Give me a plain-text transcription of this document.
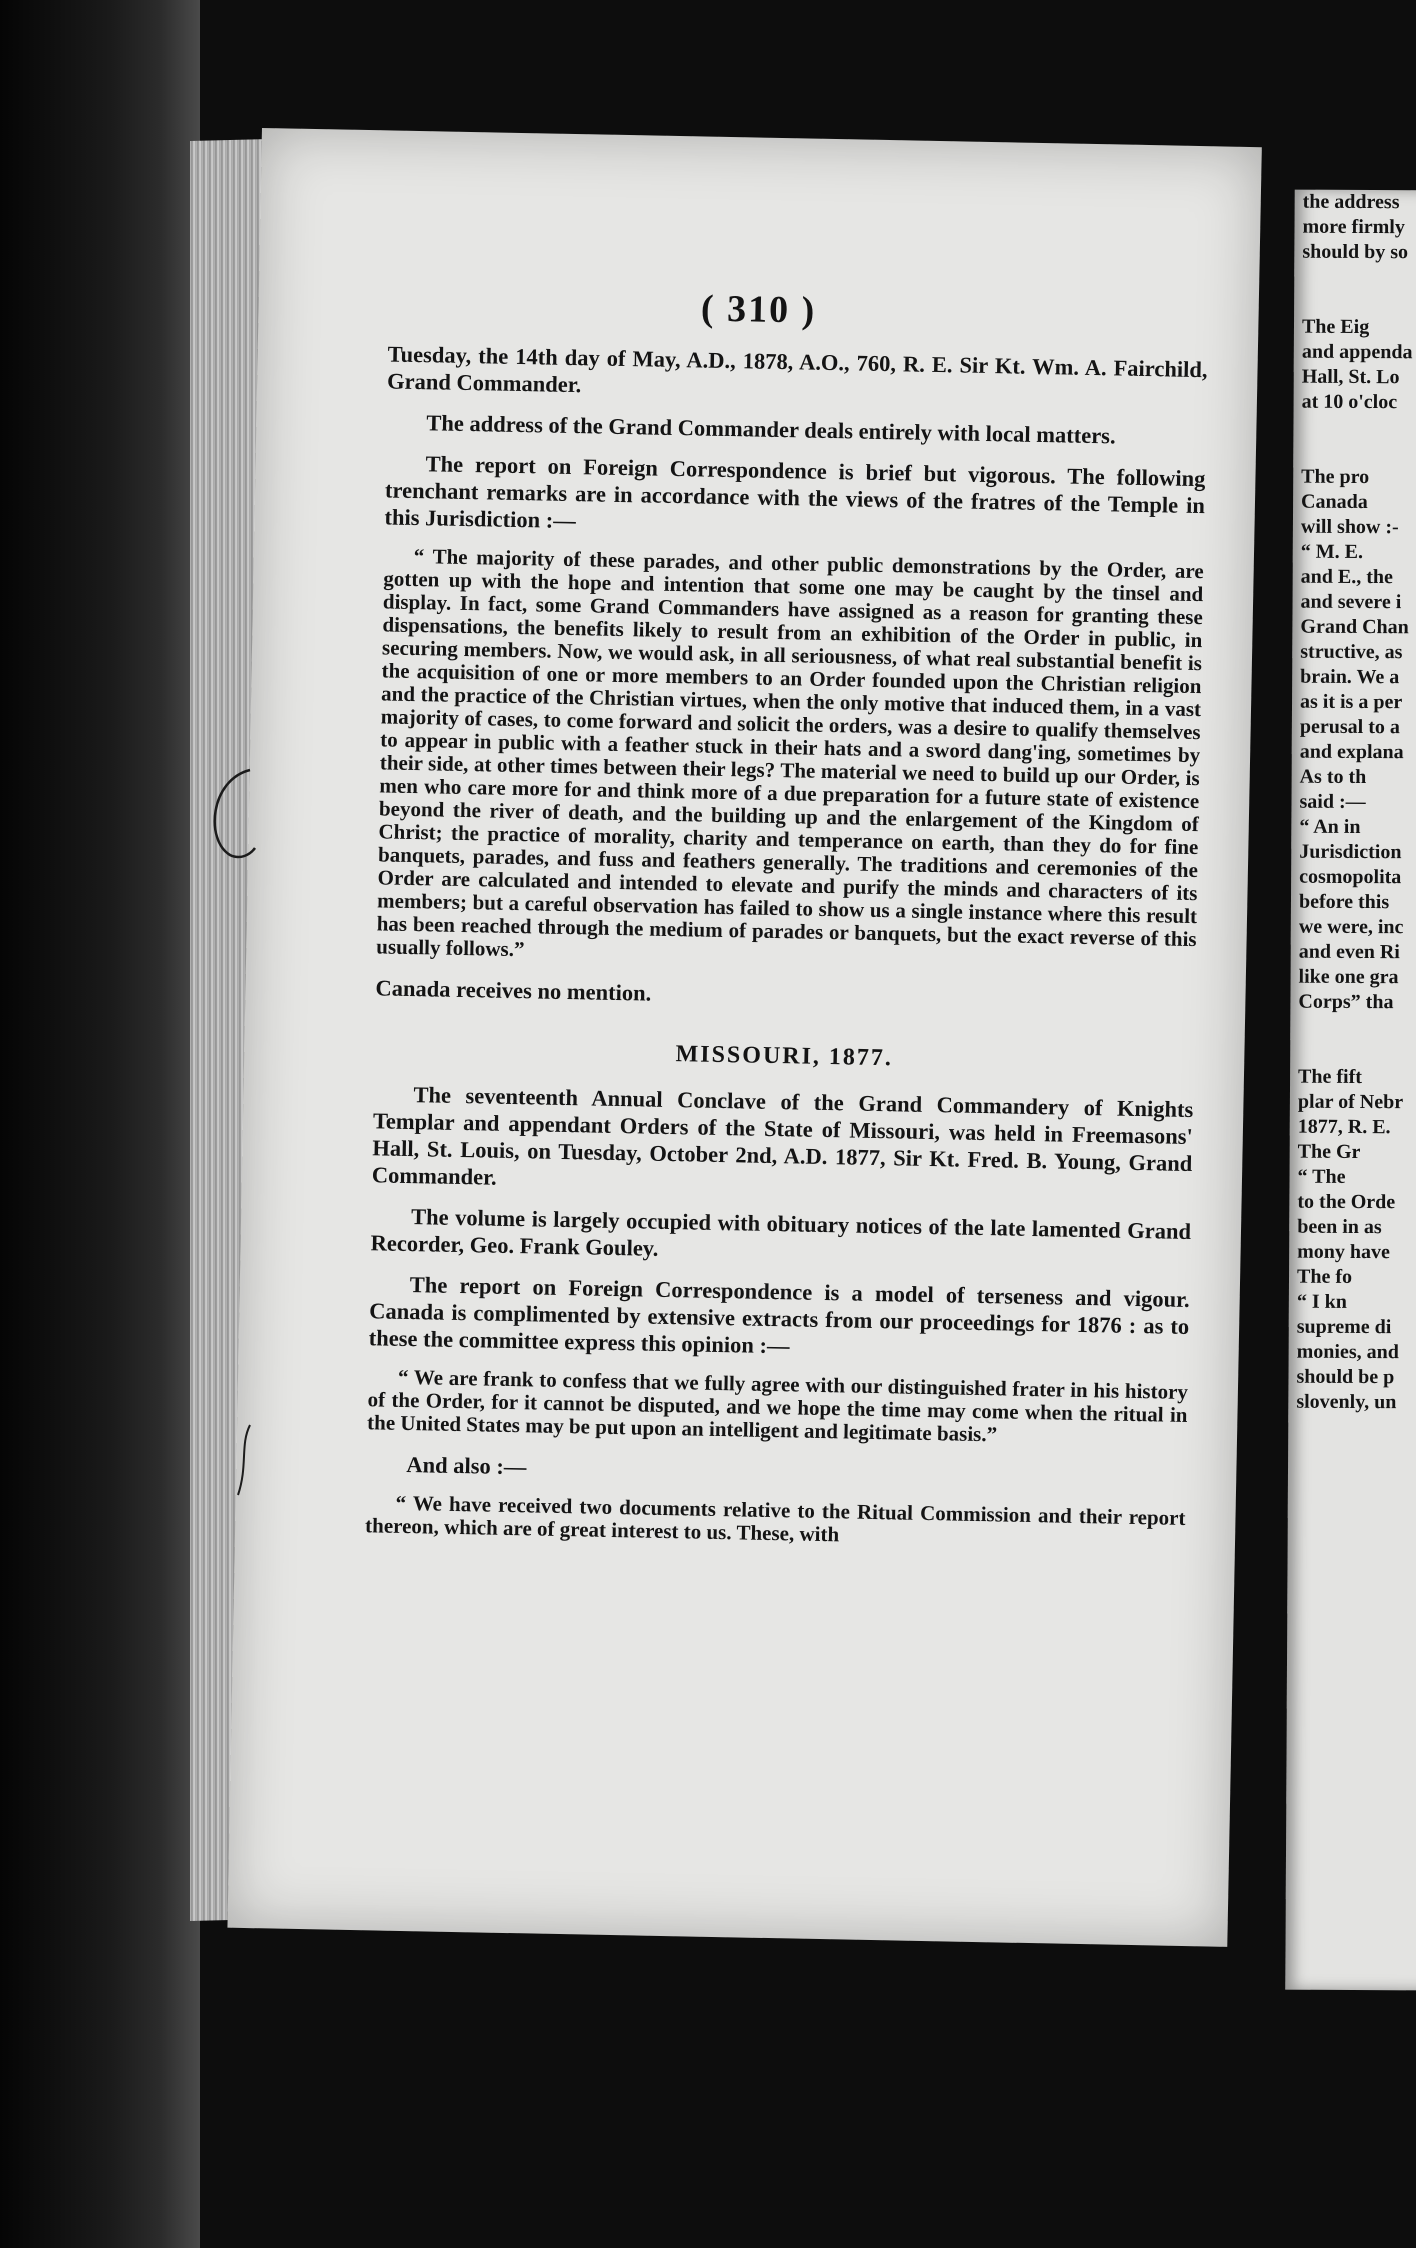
( 310 )

Tuesday, the 14th day of May, A.D., 1878, A.O., 760, R. E. Sir Kt. Wm. A. Fairchild, Grand Commander.

The address of the Grand Commander deals entirely with local matters.

The report on Foreign Correspondence is brief but vigorous. The following trenchant remarks are in accordance with the views of the fratres of the Temple in this Jurisdiction :—

“ The majority of these parades, and other public demonstrations by the Order, are gotten up with the hope and intention that some one may be caught by the tinsel and display. In fact, some Grand Commanders have assigned as a reason for granting these dispensations, the benefits likely to result from an exhibition of the Order in public, in securing members. Now, we would ask, in all seriousness, of what real substantial benefit is the acquisition of one or more members to an Order founded upon the Christian religion and the practice of the Christian virtues, when the only motive that induced them, in a vast majority of cases, to come forward and solicit the orders, was a desire to qualify themselves to appear in public with a feather stuck in their hats and a sword dang'ing, sometimes by their side, at other times between their legs? The material we need to build up our Order, is men who care more for and think more of a due preparation for a future state of existence beyond the river of death, and the building up and the enlargement of the Kingdom of Christ; the practice of morality, charity and temperance on earth, than they do for fine banquets, parades, and fuss and feathers generally. The traditions and ceremonies of the Order are calculated and intended to elevate and purify the minds and characters of its members; but a careful observation has failed to show us a single instance where this result has been reached through the medium of parades or banquets, but the exact reverse of this usually follows.”

Canada receives no mention.

MISSOURI, 1877.

The seventeenth Annual Conclave of the Grand Commandery of Knights Templar and appendant Orders of the State of Missouri, was held in Freemasons' Hall, St. Louis, on Tuesday, October 2nd, A.D. 1877, Sir Kt. Fred. B. Young, Grand Commander.

The volume is largely occupied with obituary notices of the late lamented Grand Recorder, Geo. Frank Gouley.

The report on Foreign Correspondence is a model of terseness and vigour. Canada is complimented by extensive extracts from our proceedings for 1876 : as to these the committee express this opinion :—

“ We are frank to confess that we fully agree with our distinguished frater in his history of the Order, for it cannot be disputed, and we hope the time may come when the ritual in the United States may be put upon an intelligent and legitimate basis.”

And also :—

“ We have received two documents relative to the Ritual Commission and their report thereon, which are of great interest to us. These, with

the address
more firmly
should by so
The Eig
and appenda
Hall, St. Lo
at 10 o'cloc
The pro
Canada
will show :-
“ M. E.
and E., the
and severe i
Grand Chan
structive, as
brain. We a
as it is a per
perusal to a
and explana
As to th
said :—
“ An in
Jurisdiction
cosmopolita
before this
we were, inc
and even Ri
like one gra
Corps” tha
The fift
plar of Nebr
1877, R. E.
The Gr
“ The
to the Orde
been in as
mony have
The fo
“ I kn
supreme di
monies, and
should be p
slovenly, un
